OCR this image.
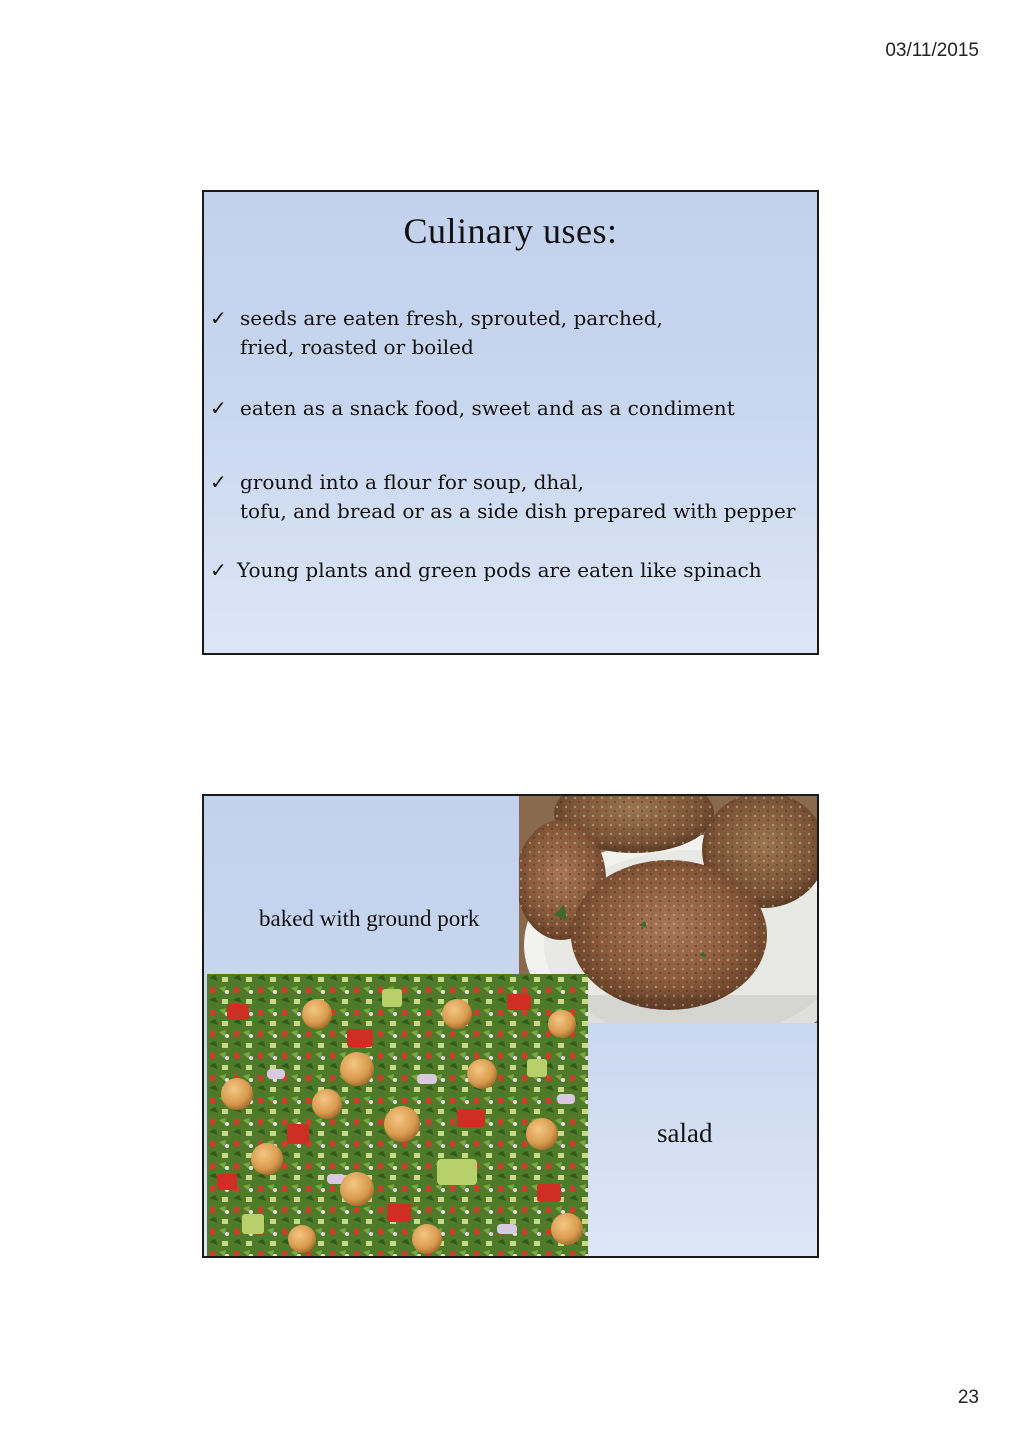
03/11/2015
Culinary uses:
✓ seeds are eaten fresh, sprouted, parched,
fried, roasted or boiled
✓ eaten as a snack food, sweet and as a condiment
✓ ground into a flour for soup, dhal,
tofu, and bread or as a side dish prepared with pepper
✓ Young plants and green pods are eaten like spinach
baked with ground pork
salad
23
